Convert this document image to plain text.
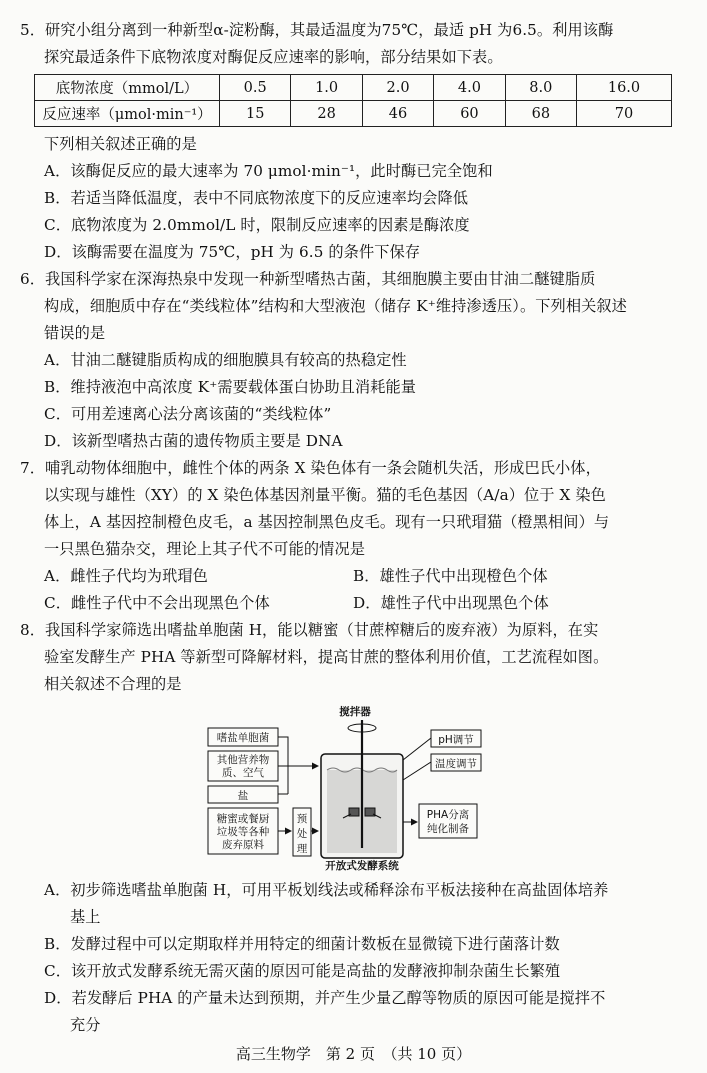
5．研究小组分离到一种新型α-淀粉酶，其最适温度为75℃，最适 pH 为6.5。利用该酶
探究最适条件下底物浓度对酶促反应速率的影响，部分结果如下表。
底物浓度（mmol/L）	0.5	1.0	2.0	4.0	8.0	16.0
反应速率（μmol·min⁻¹）	15	28	46	60	68	70
下列相关叙述正确的是
A．该酶促反应的最大速率为 70 μmol·min⁻¹，此时酶已完全饱和
B．若适当降低温度，表中不同底物浓度下的反应速率均会降低
C．底物浓度为 2.0mmol/L 时，限制反应速率的因素是酶浓度
D．该酶需要在温度为 75℃，pH 为 6.5 的条件下保存
6．我国科学家在深海热泉中发现一种新型嗜热古菌，其细胞膜主要由甘油二醚键脂质
构成，细胞质中存在“类线粒体”结构和大型液泡（储存 K⁺维持渗透压）。下列相关叙述
错误的是
A．甘油二醚键脂质构成的细胞膜具有较高的热稳定性
B．维持液泡中高浓度 K⁺需要载体蛋白协助且消耗能量
C．可用差速离心法分离该菌的“类线粒体”
D．该新型嗜热古菌的遗传物质主要是 DNA
7．哺乳动物体细胞中，雌性个体的两条 X 染色体有一条会随机失活，形成巴氏小体，
以实现与雄性（XY）的 X 染色体基因剂量平衡。猫的毛色基因（A/a）位于 X 染色
体上，A 基因控制橙色皮毛，a 基因控制黑色皮毛。现有一只玳瑁猫（橙黑相间）与
一只黑色猫杂交，理论上其子代不可能的情况是
A．雌性子代均为玳瑁色	B．雄性子代中出现橙色个体
C．雌性子代中不会出现黑色个体	D．雄性子代中出现黑色个体
8．我国科学家筛选出嗜盐单胞菌 H，能以糖蜜（甘蔗榨糖后的废弃液）为原料，在实
验室发酵生产 PHA 等新型可降解材料，提高甘蔗的整体利用价值，工艺流程如图。
相关叙述不合理的是
嗜盐单胞菌
其他营养物
质、空气
盐
糖蜜或餐厨
垃圾等各种
废弃原料
预
处
理
搅拌器
pH调节
温度调节
PHA分离
纯化制备
开放式发酵系统
A．初步筛选嗜盐单胞菌 H，可用平板划线法或稀释涂布平板法接种在高盐固体培养
基上
B．发酵过程中可以定期取样并用特定的细菌计数板在显微镜下进行菌落计数
C．该开放式发酵系统无需灭菌的原因可能是高盐的发酵液抑制杂菌生长繁殖
D．若发酵后 PHA 的产量未达到预期，并产生少量乙醇等物质的原因可能是搅拌不
充分
高三生物学　第 2 页　（共 10 页）
